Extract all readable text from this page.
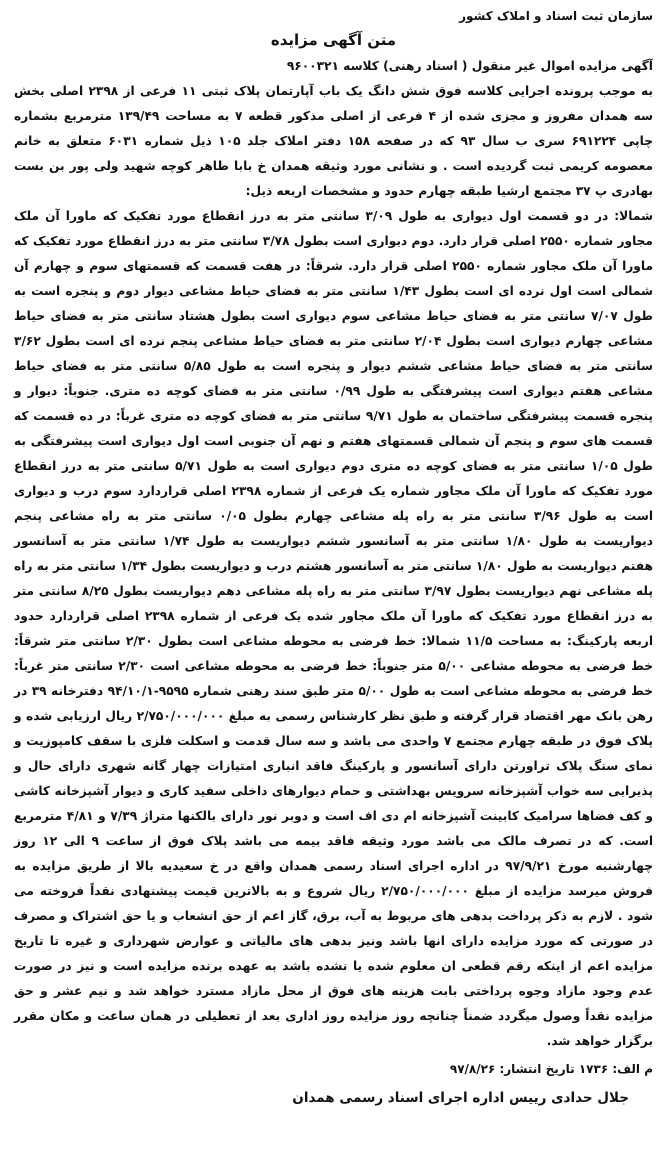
سازمان ثبت اسناد و املاک کشور
متن آگهی مزایده

آگهی مزایده اموال غیر منقول ( اسناد رهنی) کلاسه ۹۶۰۰۳۲۱

به موجب پرونده اجرایی کلاسه فوق شش دانگ یک باب آپارتمان پلاک ثبتی ۱۱ فرعی از ۲۳۹۸ اصلی بخش سه همدان مفروز و مجزی شده از ۴ فرعی از اصلی مذکور قطعه ۷ به مساحت ۱۳۹/۴۹ مترمربع بشماره چاپی ۶۹۱۲۲۴ سری ب سال ۹۳ که در صفحه ۱۵۸ دفتر املاک جلد ۱۰۵ ذیل شماره ۶۰۳۱ متعلق به خانم معصومه کریمی ثبت گردیده است . و نشانی مورد وثیقه همدان خ بابا طاهر کوچه شهید ولی پور بن بست بهادری پ ۳۷ مجتمع ارشیا طبقه چهارم حدود و مشخصات اربعه ذیل:

شمالا: در دو قسمت اول دیواری به طول ۳/۰۹ سانتی متر به درز انقطاع مورد تفکیک که ماورا آن ملک مجاور شماره ۲۵۵۰ اصلی قرار دارد. دوم دیواری است بطول ۳/۷۸ سانتی متر به درز انقطاع مورد تفکیک که ماورا آن ملک مجاور شماره ۲۵۵۰ اصلی قرار دارد. شرقاً: در هفت قسمت که قسمتهای سوم و چهارم آن شمالی است اول نرده ای است بطول ۱/۴۳ سانتی متر به فضای حیاط مشاعی دیوار دوم و پنجره است به طول ۷/۰۷ سانتی متر به فضای حیاط مشاعی سوم دیواری است بطول هشتاد سانتی متر به فضای حیاط مشاعی چهارم دیواری است بطول ۲/۰۴ سانتی متر به فضای حیاط مشاعی پنجم نرده ای است بطول ۳/۶۲ سانتی متر به فضای حیاط مشاعی ششم دیوار و پنجره است به طول ۵/۸۵ سانتی متر به فضای حیاط مشاعی هفتم دیواری است پیشرفتگی به طول ۰/۹۹ سانتی متر به فضای کوچه ده متری. جنوباً: دیوار و پنجره قسمت پیشرفتگی ساختمان به طول ۹/۷۱ سانتی متر به فضای کوچه ده متری غرباً: در ده قسمت که قسمت های سوم و پنجم آن شمالی قسمتهای هفتم و نهم آن جنوبی است اول دیواری است پیشرفتگی به طول ۱/۰۵ سانتی متر به فضای کوچه ده متری دوم دیواری است به طول ۵/۷۱ سانتی متر به درز انقطاع مورد تفکیک که ماورا آن ملک مجاور شماره یک فرعی از شماره ۲۳۹۸ اصلی قراردارد سوم درب و دیواری است به طول ۳/۹۶ سانتی متر به راه پله مشاعی چهارم بطول ۰/۰۵ سانتی متر به راه مشاعی پنجم دیواریست به طول ۱/۸۰ سانتی متر به آسانسور ششم دیواریست به طول ۱/۷۴ سانتی متر به آسانسور هفتم دیواریست به طول ۱/۸۰ سانتی متر به آسانسور هشتم درب و دیواریست بطول ۱/۳۴ سانتی متر به راه پله مشاعی نهم دیواریست بطول ۳/۹۷ سانتی متر به راه پله مشاعی دهم دیواریست بطول ۸/۲۵ سانتی متر به درز انقطاع مورد تفکیک که ماورا آن ملک مجاور شده یک فرعی از شماره ۲۳۹۸ اصلی قراردارد حدود اربعه پارکینگ: به مساحت ۱۱/۵ شمالا: خط فرضی به محوطه مشاعی است بطول ۲/۳۰ سانتی متر شرقاً: خط فرضی به محوطه مشاعی ۵/۰۰ متر جنوباً: خط فرضی به محوطه مشاعی است ۲/۳۰ سانتی متر غرباً: خط فرضی به محوطه مشاعی است به طول ۵/۰۰ متر طبق سند رهنی شماره ۹۵۹۵-۹۴/۱۰/۱ دفترخانه ۳۹ در رهن بانک مهر اقتصاد قرار گرفته و طبق نظر کارشناس رسمی به مبلغ ۲/۷۵۰/۰۰۰/۰۰۰ ریال ارزیابی شده و پلاک فوق در طبقه چهارم مجتمع ۷ واحدی می باشد و سه سال قدمت و اسکلت فلزی با سقف کامپوزیت و نمای سنگ پلاک تراورتن دارای آسانسور و پارکینگ فاقد انباری امتیازات چهار گانه شهری دارای حال و پذیرایی سه خواب آشپزخانه سرویس بهداشتی و حمام دیوارهای داخلی سفید کاری و دیوار آشپزخانه کاشی و کف فضاها سرامیک کابینت آشپزخانه ام دی اف است و دوبر نور دارای بالکنها متراژ ۷/۳۹ و ۴/۸۱ مترمربع است. که در تصرف مالک می باشد مورد وثیقه فاقد بیمه می باشد پلاک فوق از ساعت ۹ الی ۱۲ روز چهارشنبه مورخ ۹۷/۹/۲۱ در اداره اجرای اسناد رسمی همدان واقع در خ سعیدیه بالا از طریق مزایده به فروش میرسد مزایده از مبلغ ۲/۷۵۰/۰۰۰/۰۰۰ ریال شروع و به بالاترین قیمت پیشنهادی نقداً فروخته می شود . لازم به ذکر پرداخت بدهی های مربوط به آب، برق، گاز اعم از حق انشعاب و یا حق اشتراک و مصرف در صورتی که مورد مزایده دارای انها باشد ونیز بدهی های مالیاتی و عوارض شهرداری و غیره تا تاریخ مزایده اعم از اینکه رقم قطعی ان معلوم شده یا نشده باشد به عهده برنده مزایده است و نیز در صورت عدم وجود مازاد وجوه پرداختی بابت هزینه های فوق از محل مازاد مسترد خواهد شد و نیم عشر و حق مزایده نقداً وصول میگردد ضمناً چنانچه روز مزایده روز اداری بعد از تعطیلی در همان ساعت و مکان مقرر برگزار خواهد شد.

م الف: ۱۷۳۶ تاریخ انتشار: ۹۷/۸/۲۶
جلال حدادی رییس اداره اجرای اسناد رسمی همدان
